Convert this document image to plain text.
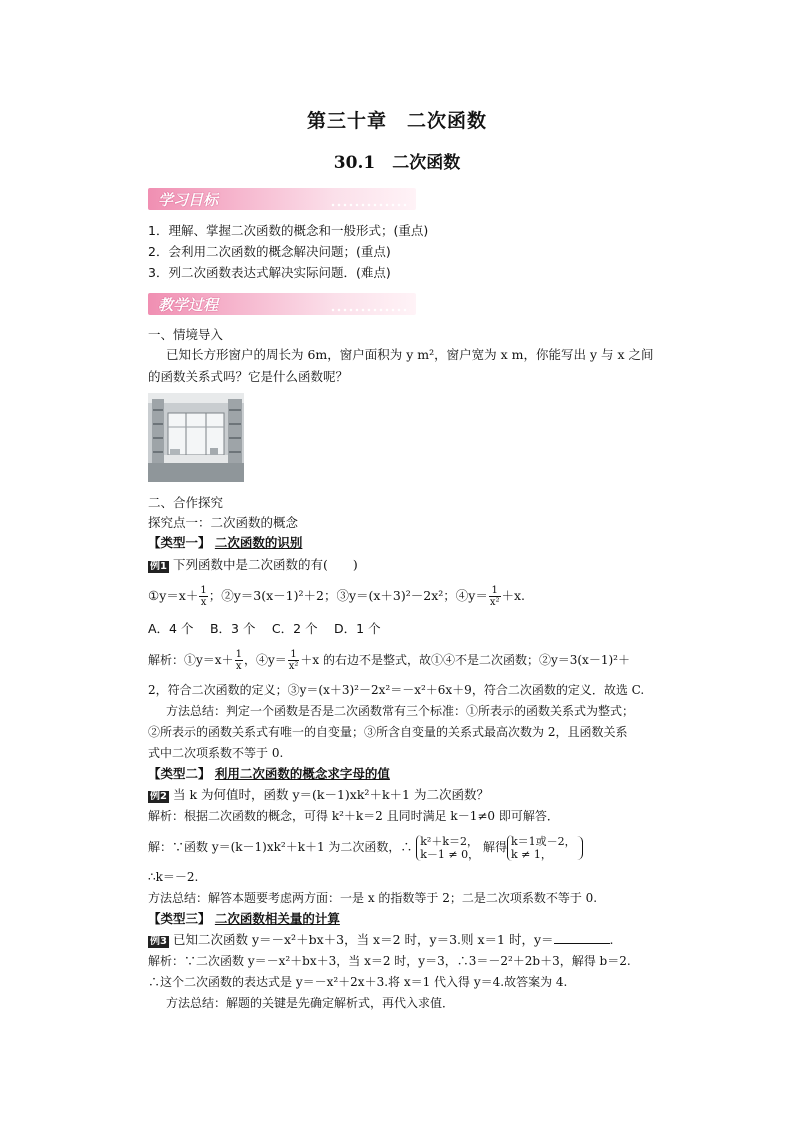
第三十章　二次函数
30.1　二次函数
学习目标
1．理解、掌握二次函数的概念和一般形式；(重点)
2．会利用二次函数的概念解决问题；(重点)
3．列二次函数表达式解决实际问题．(难点)
教学过程
一、情境导入
已知长方形窗户的周长为 6m，窗户面积为 y m²，窗户宽为 x m，你能写出 y 与 x 之间
的函数关系式吗？它是什么函数呢？
二、合作探究
探究点一：二次函数的概念
【类型一】 二次函数的识别
例1 下列函数中是二次函数的有(　　)
①y＝x＋ $\frac{1}{x}$ ；②y＝3(x－1)²＋2；③y＝(x＋3)²－2x²；④y＝ $\frac{1}{\text{x²}} +x$.
A．4 个　 B．3 个　 C．2 个　 D．1 个
解析：①y＝x＋ $\frac{1}{x}$ ，④y＝ $\frac{1}{\text{x²}} +x$ 的右边不是整式，故①④不是二次函数；②y＝3(x－1)²＋
2，符合二次函数的定义；③y＝(x＋3)²－2x²＝－x²＋6x＋9，符合二次函数的定义．故选 C.
方法总结：判定一个函数是否是二次函数常有三个标准：①所表示的函数关系式为整式；
②所表示的函数关系式有唯一的自变量；③所含自变量的关系式最高次数为 2，且函数关系
式中二次项系数不等于 0.
【类型二】 利用二次函数的概念求字母的值
例2 当 k 为何值时，函数 y＝(k－1)xk²＋k＋1 为二次函数？
解析：根据二次函数的概念，可得 k²＋k＝2 且同时满足 k－1≠0 即可解答．
解：∵函数 y＝(k－1)xk²＋k＋1 为二次函数，∴ k²＋k＝2，
k－1 ≠ 0， 解得 k＝1或－2，
k ≠ 1，
∴k＝－2.
方法总结：解答本题要考虑两方面：一是 x 的指数等于 2；二是二次项系数不等于 0.
【类型三】 二次函数相关量的计算
例3 已知二次函数 y＝－x²＋bx＋3，当 x＝2 时，y＝3.则 x＝1 时，y＝	.
解析：∵二次函数 y＝－x²＋bx＋3，当 x＝2 时，y＝3，∴3＝－2²＋2b＋3，解得 b＝2.
∴这个二次函数的表达式是 y＝－x²＋2x＋3.将 x＝1 代入得 y＝4.故答案为 4.
方法总结：解题的关键是先确定解析式，再代入求值．
